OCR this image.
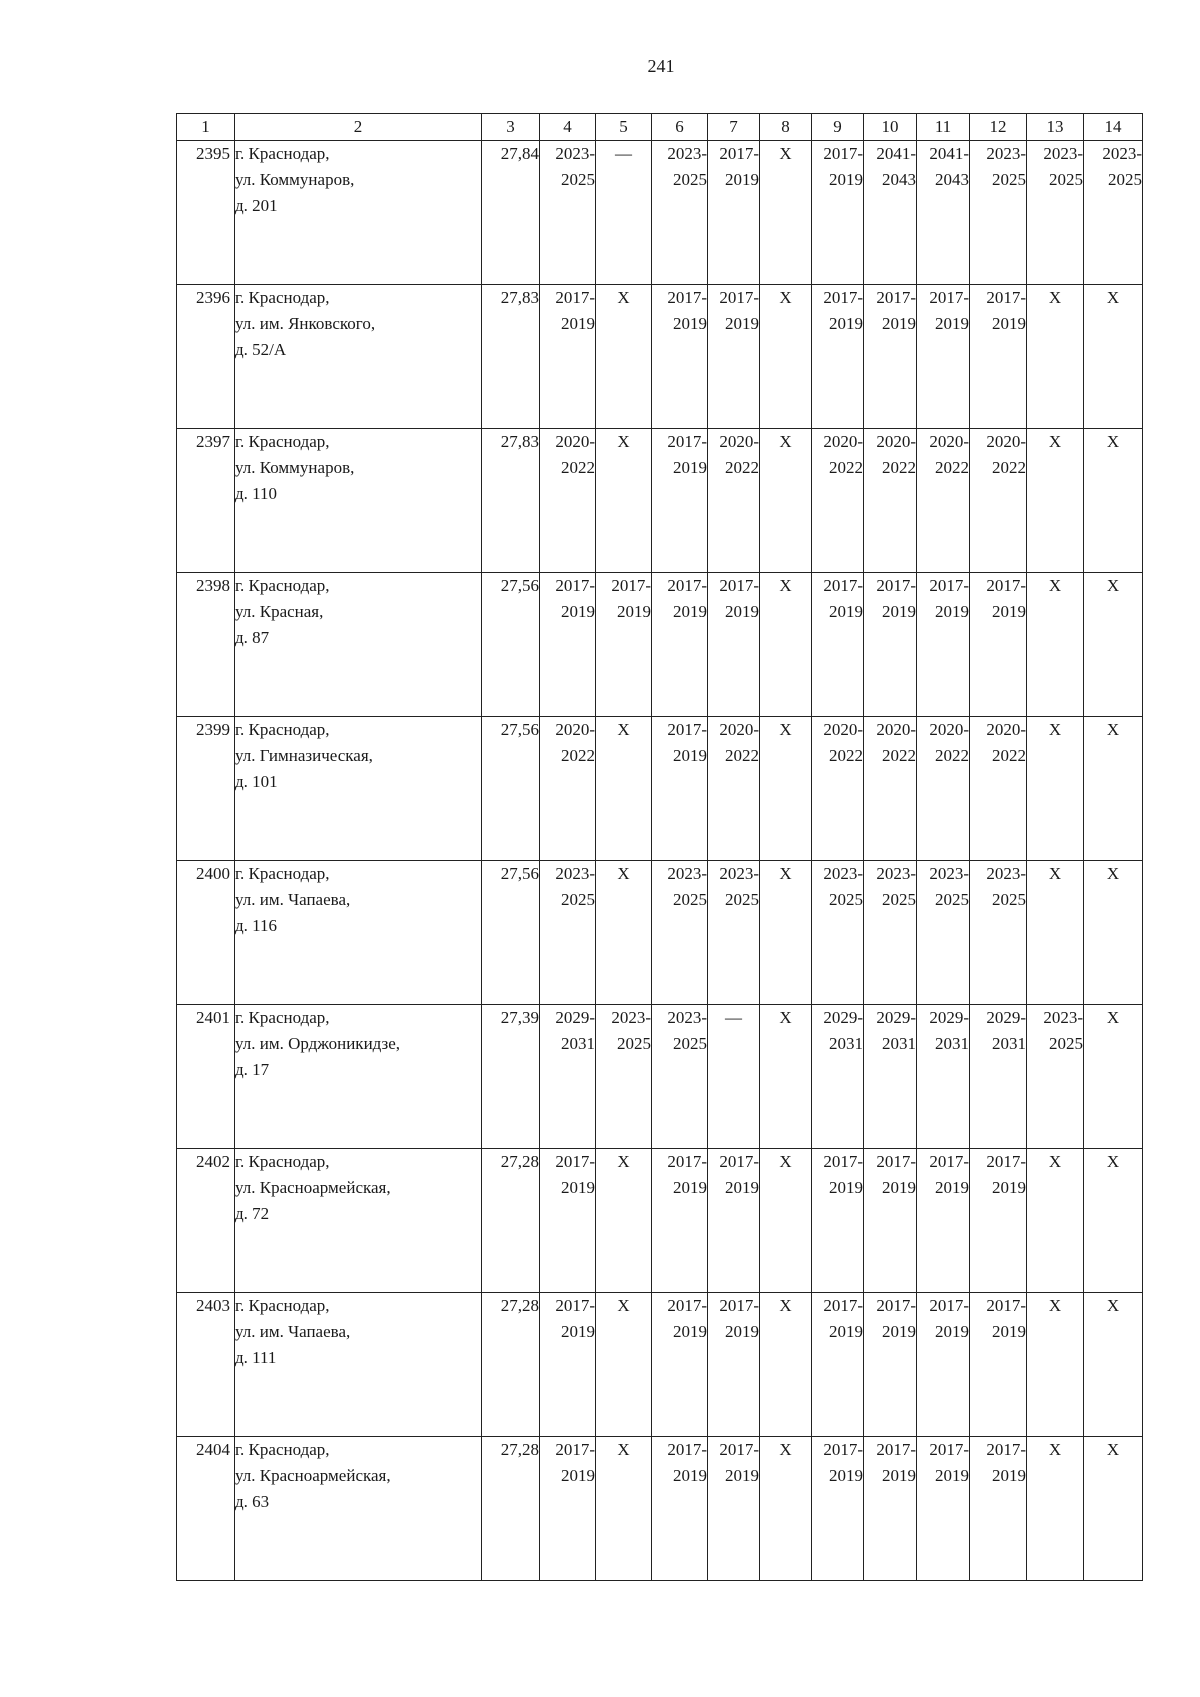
241
1	2	3	4	5	6	7	8	9	10	11	12	13	14

2395	г. Краснодар,
ул. Коммунаров,
д. 201	27,84	2023-
2025	—	2023-
2025	2017-
2019	Х	2017-
2019	2041-
2043	2041-
2043	2023-
2025	2023-
2025	2023-
2025

2396	г. Краснодар,
ул. им. Янковского,
д. 52/А	27,83	2017-
2019	Х	2017-
2019	2017-
2019	Х	2017-
2019	2017-
2019	2017-
2019	2017-
2019	Х	Х

2397	г. Краснодар,
ул. Коммунаров,
д. 110	27,83	2020-
2022	Х	2017-
2019	2020-
2022	Х	2020-
2022	2020-
2022	2020-
2022	2020-
2022	Х	Х

2398	г. Краснодар,
ул. Красная,
д. 87	27,56	2017-
2019	2017-
2019	2017-
2019	2017-
2019	Х	2017-
2019	2017-
2019	2017-
2019	2017-
2019	Х	Х

2399	г. Краснодар,
ул. Гимназическая,
д. 101	27,56	2020-
2022	Х	2017-
2019	2020-
2022	Х	2020-
2022	2020-
2022	2020-
2022	2020-
2022	Х	Х

2400	г. Краснодар,
ул. им. Чапаева,
д. 116	27,56	2023-
2025	Х	2023-
2025	2023-
2025	Х	2023-
2025	2023-
2025	2023-
2025	2023-
2025	Х	Х

2401	г. Краснодар,
ул. им. Орджоникидзе,
д. 17	27,39	2029-
2031	2023-
2025	2023-
2025	—	Х	2029-
2031	2029-
2031	2029-
2031	2029-
2031	2023-
2025	Х

2402	г. Краснодар,
ул. Красноармейская,
д. 72	27,28	2017-
2019	Х	2017-
2019	2017-
2019	Х	2017-
2019	2017-
2019	2017-
2019	2017-
2019	Х	Х

2403	г. Краснодар,
ул. им. Чапаева,
д. 111	27,28	2017-
2019	Х	2017-
2019	2017-
2019	Х	2017-
2019	2017-
2019	2017-
2019	2017-
2019	Х	Х

2404	г. Краснодар,
ул. Красноармейская,
д. 63	27,28	2017-
2019	Х	2017-
2019	2017-
2019	Х	2017-
2019	2017-
2019	2017-
2019	2017-
2019	Х	Х
